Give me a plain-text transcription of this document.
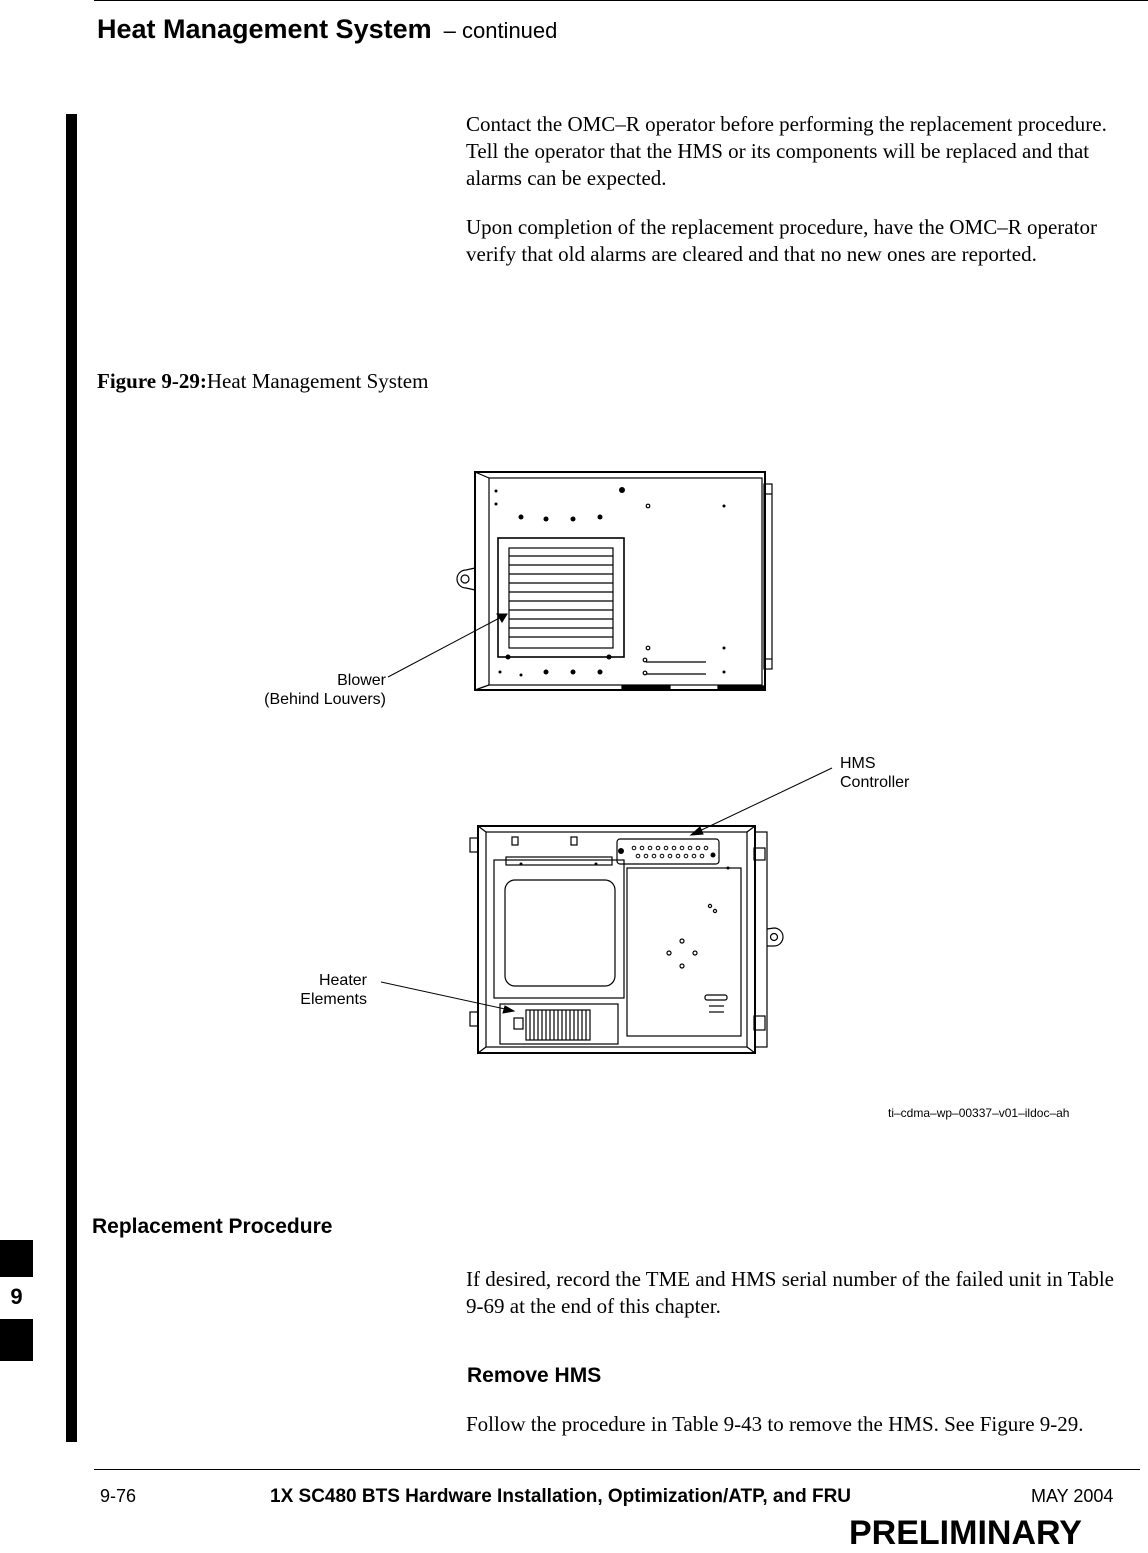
Heat Management System – continued
Contact the OMC–R operator before performing the replacement procedure. Tell the operator that the HMS or its components will be replaced and that alarms can be expected.
Upon completion of the replacement procedure, have the OMC–R operator verify that old alarms are cleared and that no new ones are reported.
Figure 9-29:Heat Management System
Blower
(Behind Louvers)
HMS
Controller
Heater
Elements
ti–cdma–wp–00337–v01–ildoc–ah
Replacement Procedure
If desired, record the TME and HMS serial number of the failed unit in Table 9-69 at the end of this chapter.
Remove HMS
Follow the procedure in Table 9-43 to remove the HMS. See Figure 9-29.
9
9-76	1X SC480 BTS Hardware Installation, Optimization/ATP, and FRU	MAY 2004
PRELIMINARY
